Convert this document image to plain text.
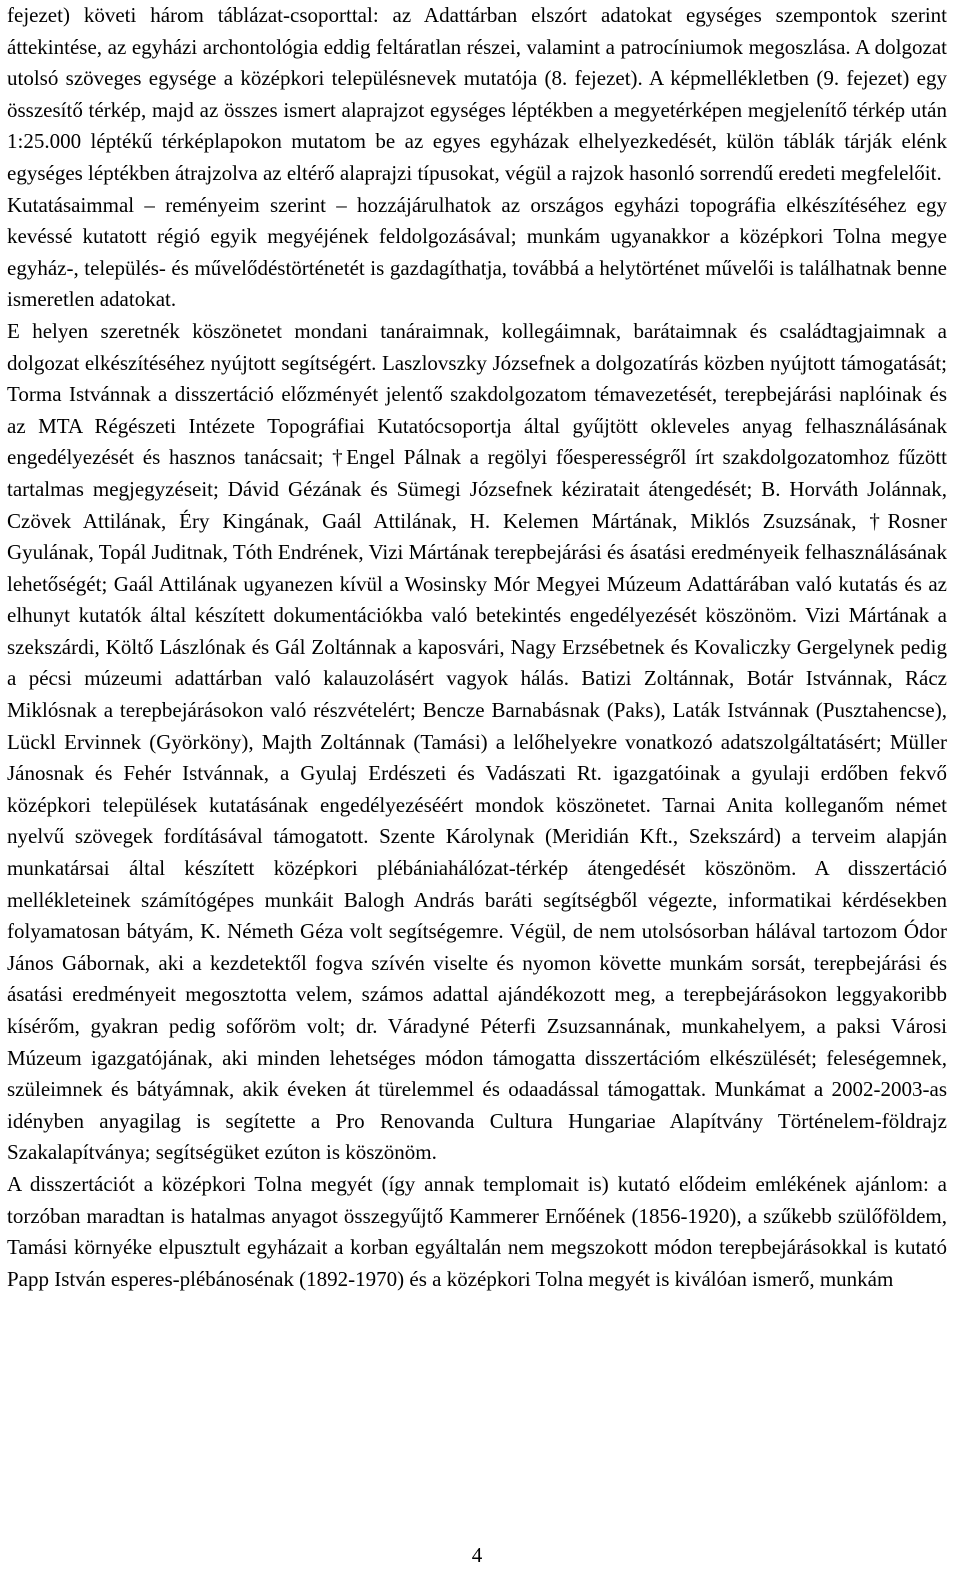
fejezet) követi három táblázat-csoporttal: az Adattárban elszórt adatokat egységes szempontok szerint áttekintése, az egyházi archontológia eddig feltáratlan részei, valamint a patrocíniumok megoszlása. A dolgozat utolsó szöveges egysége a középkori településnevek mutatója (8. fejezet). A képmellékletben (9. fejezet) egy összesítő térkép, majd az összes ismert alaprajzot egységes léptékben a megyetérképen megjelenítő térkép után 1:25.000 léptékű térképlapokon mutatom be az egyes egyházak elhelyezkedését, külön táblák tárják elénk egységes léptékben átrajzolva az eltérő alaprajzi típusokat, végül a rajzok hasonló sorrendű eredeti megfelelőit.

Kutatásaimmal – reményeim szerint – hozzájárulhatok az országos egyházi topográfia elkészítéséhez egy kevéssé kutatott régió egyik megyéjének feldolgozásával; munkám ugyanakkor a középkori Tolna megye egyház-, település- és művelődéstörténetét is gazdagíthatja, továbbá a helytörténet művelői is találhatnak benne ismeretlen adatokat.

E helyen szeretnék köszönetet mondani tanáraimnak, kollegáimnak, barátaimnak és családtagjaimnak a dolgozat elkészítéséhez nyújtott segítségért. Laszlovszky Józsefnek a dolgozatírás közben nyújtott támogatását; Torma Istvánnak a disszertáció előzményét jelentő szakdolgozatom témavezetését, terepbejárási naplóinak és az MTA Régészeti Intézete Topográfiai Kutatócsoportja által gyűjtött okleveles anyag felhasználásának engedélyezését és hasznos tanácsait; †Engel Pálnak a regölyi főesperességről írt szakdolgozatomhoz fűzött tartalmas megjegyzéseit; Dávid Gézának és Sümegi Józsefnek kéziratait átengedését; B. Horváth Jolánnak, Czövek Attilának, Éry Kingának, Gaál Attilának, H. Kelemen Mártának, Miklós Zsuzsának, †Rosner Gyulának, Topál Juditnak, Tóth Endrének, Vizi Mártának terepbejárási és ásatási eredményeik felhasználásának lehetőségét; Gaál Attilának ugyanezen kívül a Wosinsky Mór Megyei Múzeum Adattárában való kutatás és az elhunyt kutatók által készített dokumentációkba való betekintés engedélyezését köszönöm. Vizi Mártának a szekszárdi, Költő Lászlónak és Gál Zoltánnak a kaposvári, Nagy Erzsébetnek és Kovaliczky Gergelynek pedig a pécsi múzeumi adattárban való kalauzolásért vagyok hálás. Batizi Zoltánnak, Botár Istvánnak, Rácz Miklósnak a terepbejárásokon való részvételért; Bencze Barnabásnak (Paks), Laták Istvánnak (Pusztahencse), Lückl Ervinnek (Györköny), Majth Zoltánnak (Tamási) a lelőhelyekre vonatkozó adatszolgáltatásért; Müller Jánosnak és Fehér Istvánnak, a Gyulaj Erdészeti és Vadászati Rt. igazgatóinak a gyulaji erdőben fekvő középkori települések kutatásának engedélyezéséért mondok köszönetet. Tarnai Anita kolleganőm német nyelvű szövegek fordításával támogatott. Szente Károlynak (Meridián Kft., Szekszárd) a terveim alapján munkatársai által készített középkori plébániahálózat-térkép átengedését köszönöm. A disszertáció mellékleteinek számítógépes munkáit Balogh András baráti segítségből végezte, informatikai kérdésekben folyamatosan bátyám, K. Németh Géza volt segítségemre. Végül, de nem utolsósorban hálával tartozom Ódor János Gábornak, aki a kezdetektől fogva szívén viselte és nyomon követte munkám sorsát, terepbejárási és ásatási eredményeit megosztotta velem, számos adattal ajándékozott meg, a terepbejárásokon leggyakoribb kísérőm, gyakran pedig sofőröm volt; dr. Váradyné Péterfi Zsuzsannának, munkahelyem, a paksi Városi Múzeum igazgatójának, aki minden lehetséges módon támogatta disszertációm elkészülését; feleségemnek, szüleimnek és bátyámnak, akik éveken át türelemmel és odaadással támogattak. Munkámat a 2002-2003-as idényben anyagilag is segítette a Pro Renovanda Cultura Hungariae Alapítvány Történelem-földrajz Szakalapítványa; segítségüket ezúton is köszönöm.

A disszertációt a középkori Tolna megyét (így annak templomait is) kutató elődeim emlékének ajánlom: a torzóban maradtan is hatalmas anyagot összegyűjtő Kammerer Ernőének (1856-1920), a szűkebb szülőföldem, Tamási környéke elpusztult egyházait a korban egyáltalán nem megszokott módon terepbejárásokkal is kutató Papp István esperes-plébánosénak (1892-1970) és a középkori Tolna megyét is kiválóan ismerő, munkám

4
